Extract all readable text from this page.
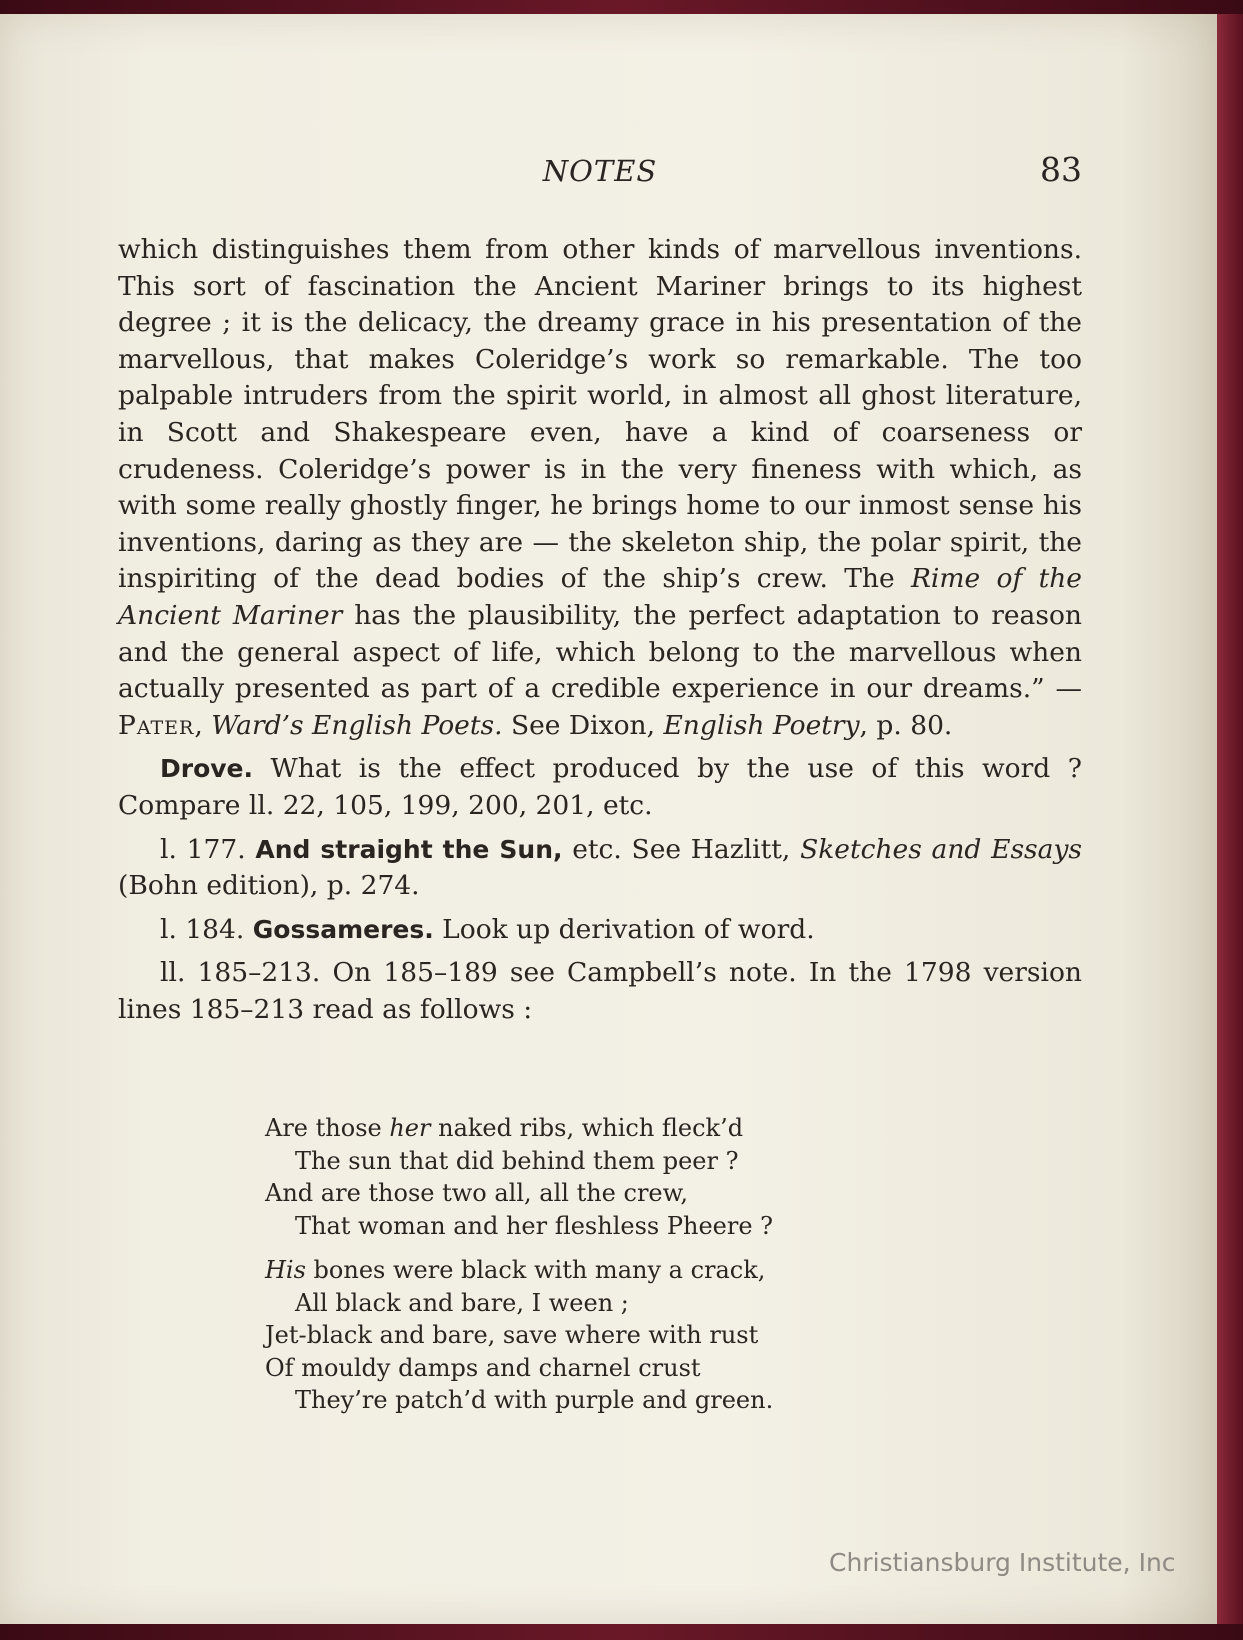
NOTES	83

which distinguishes them from other kinds of marvellous inventions. This sort of fascination the Ancient Mariner brings to its highest degree ; it is the delicacy, the dreamy grace in his presentation of the marvellous, that makes Coleridge’s work so remarkable. The too palpable intruders from the spirit world, in almost all ghost literature, in Scott and Shakespeare even, have a kind of coarseness or crudeness. Coleridge’s power is in the very fineness with which, as with some really ghostly finger, he brings home to our inmost sense his inventions, daring as they are — the skeleton ship, the polar spirit, the inspiriting of the dead bodies of the ship’s crew. The Rime of the Ancient Mariner has the plausibility, the perfect adaptation to reason and the general aspect of life, which belong to the marvellous when actually presented as part of a credible experience in our dreams.” — Pater, Ward’s English Poets. See Dixon, English Poetry, p. 80.

Drove. What is the effect produced by the use of this word ? Compare ll. 22, 105, 199, 200, 201, etc.

l. 177. And straight the Sun, etc. See Hazlitt, Sketches and Essays (Bohn edition), p. 274.

l. 184. Gossameres. Look up derivation of word.

ll. 185–213. On 185–189 see Campbell’s note. In the 1798 version lines 185–213 read as follows :

Are those her naked ribs, which fleck’d
The sun that did behind them peer ?
And are those two all, all the crew,
That woman and her fleshless Pheere ?
His bones were black with many a crack,
All black and bare, I ween ;
Jet-black and bare, save where with rust
Of mouldy damps and charnel crust
They’re patch’d with purple and green.
Christiansburg Institute, Inc
